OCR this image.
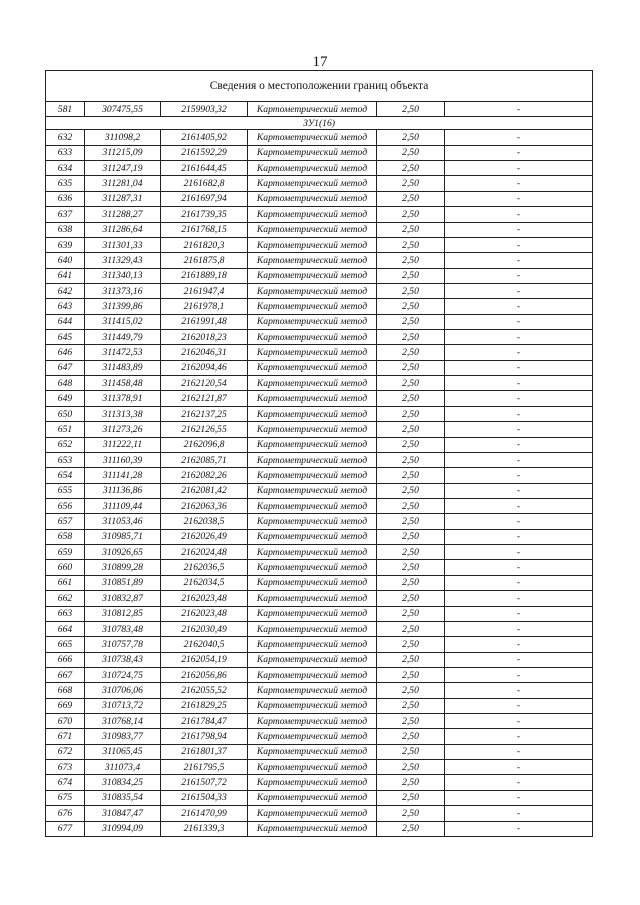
17
Сведения о местоположении границ объекта					
581	307475,55	2159903,32	Картометрический метод	2,50	-
ЗУ1(16)					
632	311098,2	2161405,92	Картометрический метод	2,50	-
633	311215,09	2161592,29	Картометрический метод	2,50	-
634	311247,19	2161644,45	Картометрический метод	2,50	-
635	311281,04	2161682,8	Картометрический метод	2,50	-
636	311287,31	2161697,94	Картометрический метод	2,50	-
637	311288,27	2161739,35	Картометрический метод	2,50	-
638	311286,64	2161768,15	Картометрический метод	2,50	-
639	311301,33	2161820,3	Картометрический метод	2,50	-
640	311329,43	2161875,8	Картометрический метод	2,50	-
641	311340,13	2161889,18	Картометрический метод	2,50	-
642	311373,16	2161947,4	Картометрический метод	2,50	-
643	311399,86	2161978,1	Картометрический метод	2,50	-
644	311415,02	2161991,48	Картометрический метод	2,50	-
645	311449,79	2162018,23	Картометрический метод	2,50	-
646	311472,53	2162046,31	Картометрический метод	2,50	-
647	311483,89	2162094,46	Картометрический метод	2,50	-
648	311458,48	2162120,54	Картометрический метод	2,50	-
649	311378,91	2162121,87	Картометрический метод	2,50	-
650	311313,38	2162137,25	Картометрический метод	2,50	-
651	311273,26	2162126,55	Картометрический метод	2,50	-
652	311222,11	2162096,8	Картометрический метод	2,50	-
653	311160,39	2162085,71	Картометрический метод	2,50	-
654	311141,28	2162082,26	Картометрический метод	2,50	-
655	311136,86	2162081,42	Картометрический метод	2,50	-
656	311109,44	2162063,36	Картометрический метод	2,50	-
657	311053,46	2162038,5	Картометрический метод	2,50	-
658	310985,71	2162026,49	Картометрический метод	2,50	-
659	310926,65	2162024,48	Картометрический метод	2,50	-
660	310899,28	2162036,5	Картометрический метод	2,50	-
661	310851,89	2162034,5	Картометрический метод	2,50	-
662	310832,87	2162023,48	Картометрический метод	2,50	-
663	310812,85	2162023,48	Картометрический метод	2,50	-
664	310783,48	2162030,49	Картометрический метод	2,50	-
665	310757,78	2162040,5	Картометрический метод	2,50	-
666	310738,43	2162054,19	Картометрический метод	2,50	-
667	310724,75	2162056,86	Картометрический метод	2,50	-
668	310706,06	2162055,52	Картометрический метод	2,50	-
669	310713,72	2161829,25	Картометрический метод	2,50	-
670	310768,14	2161784,47	Картометрический метод	2,50	-
671	310983,77	2161798,94	Картометрический метод	2,50	-
672	311065,45	2161801,37	Картометрический метод	2,50	-
673	311073,4	2161795,5	Картометрический метод	2,50	-
674	310834,25	2161507,72	Картометрический метод	2,50	-
675	310835,54	2161504,33	Картометрический метод	2,50	-
676	310847,47	2161470,99	Картометрический метод	2,50	-
677	310994,09	2161339,3	Картометрический метод	2,50	-
